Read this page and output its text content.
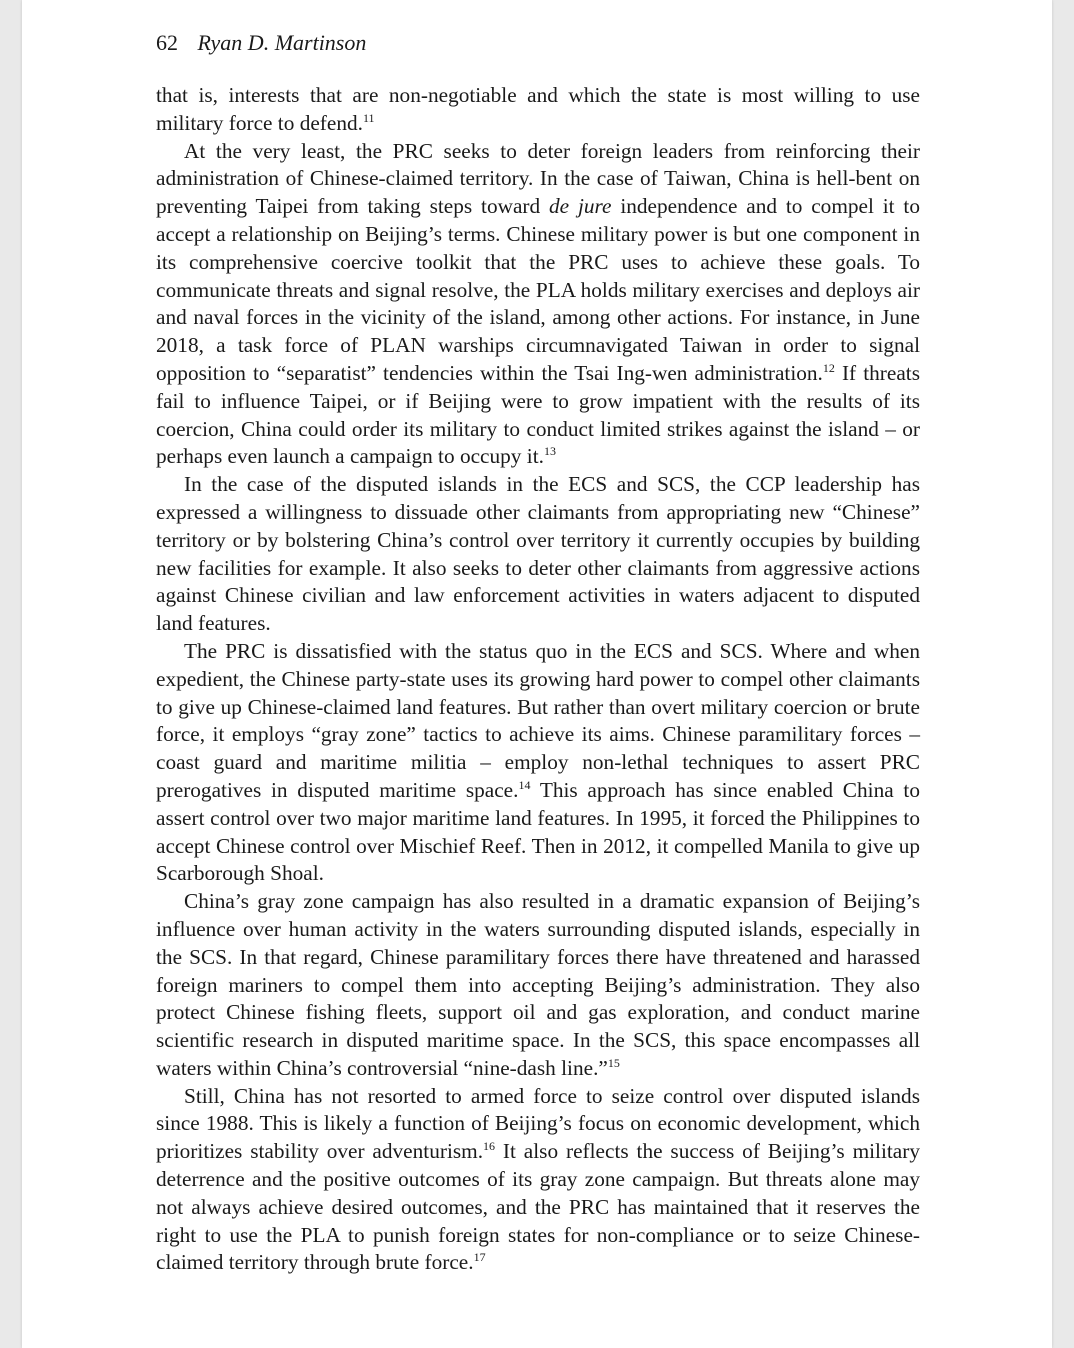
62 Ryan D. Martinson

that is, interests that are non-negotiable and which the state is most willing to use military force to defend.$^{11}$

At the very least, the PRC seeks to deter foreign leaders from reinforcing their administration of Chinese-claimed territory. In the case of Taiwan, China is hell-bent on preventing Taipei from taking steps toward de jure independence and to compel it to accept a relationship on Beijing’s terms. Chinese military power is but one component in its comprehensive coercive toolkit that the PRC uses to achieve these goals. To communicate threats and signal resolve, the PLA holds military exercises and deploys air and naval forces in the vicinity of the island, among other actions. For instance, in June 2018, a task force of PLAN warships circumnavigated Taiwan in order to signal opposition to “separatist” tendencies within the Tsai Ing-wen administration.$^{12}$ If threats fail to influence Taipei, or if Beijing were to grow impatient with the results of its coercion, China could order its military to conduct limited strikes against the island – or perhaps even launch a campaign to occupy it.$^{13}$

In the case of the disputed islands in the ECS and SCS, the CCP leadership has expressed a willingness to dissuade other claimants from appropriating new “Chinese” territory or by bolstering China’s control over territory it currently occupies by building new facilities for example. It also seeks to deter other claimants from aggressive actions against Chinese civilian and law enforcement activities in waters adjacent to disputed land features.

The PRC is dissatisfied with the status quo in the ECS and SCS. Where and when expedient, the Chinese party-state uses its growing hard power to compel other claimants to give up Chinese-claimed land features. But rather than overt military coercion or brute force, it employs “gray zone” tactics to achieve its aims. Chinese paramilitary forces – coast guard and maritime militia – employ non-lethal techniques to assert PRC prerogatives in disputed maritime space.$^{14}$ This approach has since enabled China to assert control over two major maritime land features. In 1995, it forced the Philippines to accept Chinese control over Mischief Reef. Then in 2012, it compelled Manila to give up Scarborough Shoal.

China’s gray zone campaign has also resulted in a dramatic expansion of Beijing’s influence over human activity in the waters surrounding disputed islands, especially in the SCS. In that regard, Chinese paramilitary forces there have threatened and harassed foreign mariners to compel them into accepting Beijing’s administration. They also protect Chinese fishing fleets, support oil and gas exploration, and conduct marine scientific research in disputed maritime space. In the SCS, this space encompasses all waters within China’s controversial “nine-dash line.”$^{15}$

Still, China has not resorted to armed force to seize control over disputed islands since 1988. This is likely a function of Beijing’s focus on economic development, which prioritizes stability over adventurism.$^{16}$ It also reflects the success of Beijing’s military deterrence and the positive outcomes of its gray zone campaign. But threats alone may not always achieve desired outcomes, and the PRC has maintained that it reserves the right to use the PLA to punish foreign states for non-compliance or to seize Chinese-claimed territory through brute force.$^{17}$
